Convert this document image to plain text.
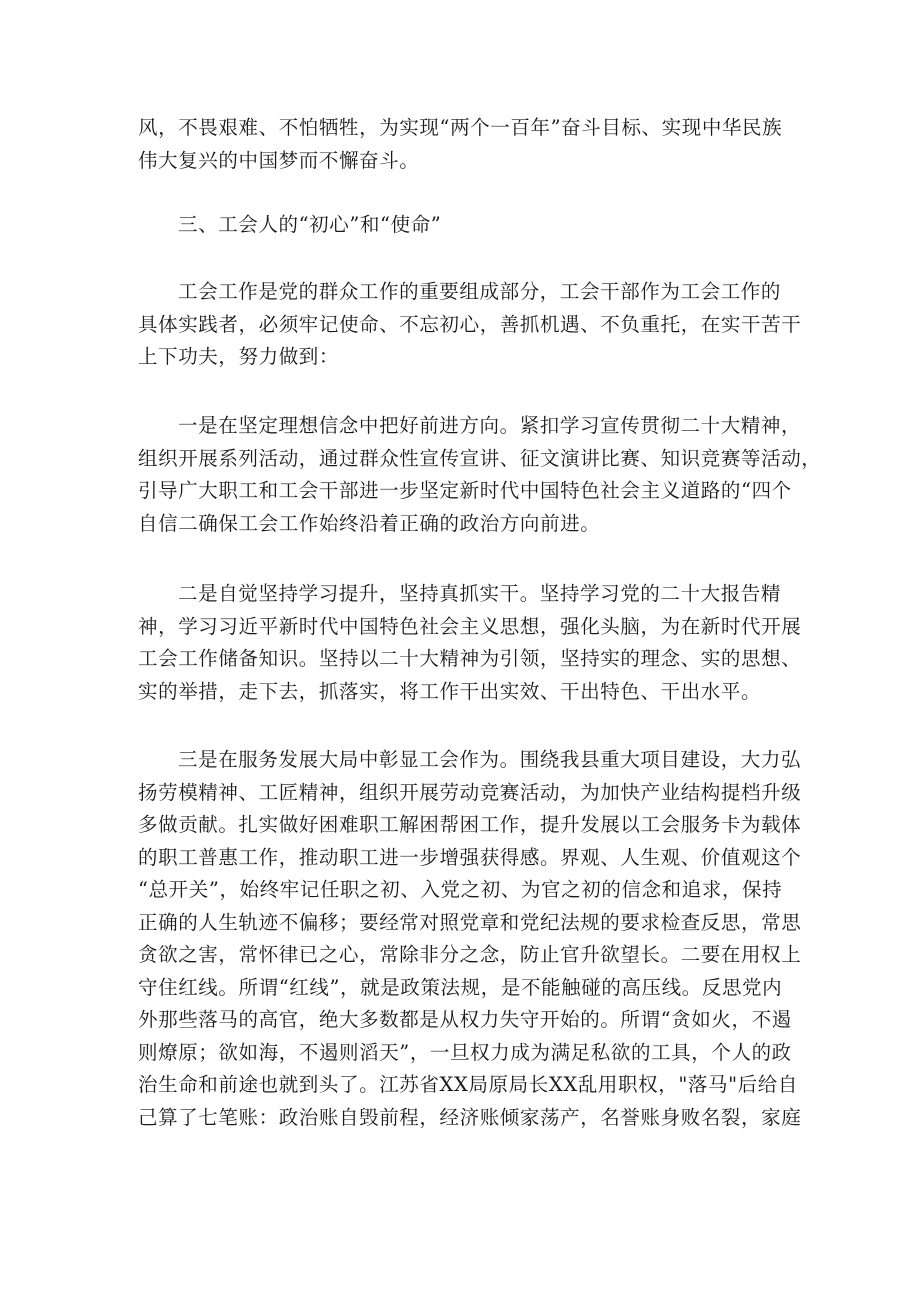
风，不畏艰难、不怕牺牲，为实现“两个一百年”奋斗目标、实现中华民族
伟大复兴的中国梦而不懈奋斗。
三、工会人的“初心”和“使命”
工会工作是党的群众工作的重要组成部分，工会干部作为工会工作的
具体实践者，必须牢记使命、不忘初心，善抓机遇、不负重托，在实干苦干
上下功夫，努力做到：
一是在坚定理想信念中把好前进方向。紧扣学习宣传贯彻二十大精神，
组织开展系列活动，通过群众性宣传宣讲、征文演讲比赛、知识竞赛等活动，
引导广大职工和工会干部进一步坚定新时代中国特色社会主义道路的“四个
自信二确保工会工作始终沿着正确的政治方向前进。
二是自觉坚持学习提升，坚持真抓实干。坚持学习党的二十大报告精
神，学习习近平新时代中国特色社会主义思想，强化头脑，为在新时代开展
工会工作储备知识。坚持以二十大精神为引领，坚持实的理念、实的思想、
实的举措，走下去，抓落实，将工作干出实效、干出特色、干出水平。
三是在服务发展大局中彰显工会作为。围绕我县重大项目建设，大力弘
扬劳模精神、工匠精神，组织开展劳动竞赛活动，为加快产业结构提档升级
多做贡献。扎实做好困难职工解困帮困工作，提升发展以工会服务卡为载体
的职工普惠工作，推动职工进一步增强获得感。界观、人生观、价值观这个
“总开关”，始终牢记任职之初、入党之初、为官之初的信念和追求，保持
正确的人生轨迹不偏移；要经常对照党章和党纪法规的要求检查反思，常思
贪欲之害，常怀律已之心，常除非分之念，防止官升欲望长。二要在用权上
守住红线。所谓“红线”，就是政策法规，是不能触碰的高压线。反思党内
外那些落马的高官，绝大多数都是从权力失守开始的。所谓“贪如火，不遏
则燎原；欲如海，不遏则滔天”，一旦权力成为满足私欲的工具，个人的政
治生命和前途也就到头了。江苏省XX局原局长XX乱用职权，"落马"后给自
己算了七笔账：政治账自毁前程，经济账倾家荡产，名誉账身败名裂，家庭
